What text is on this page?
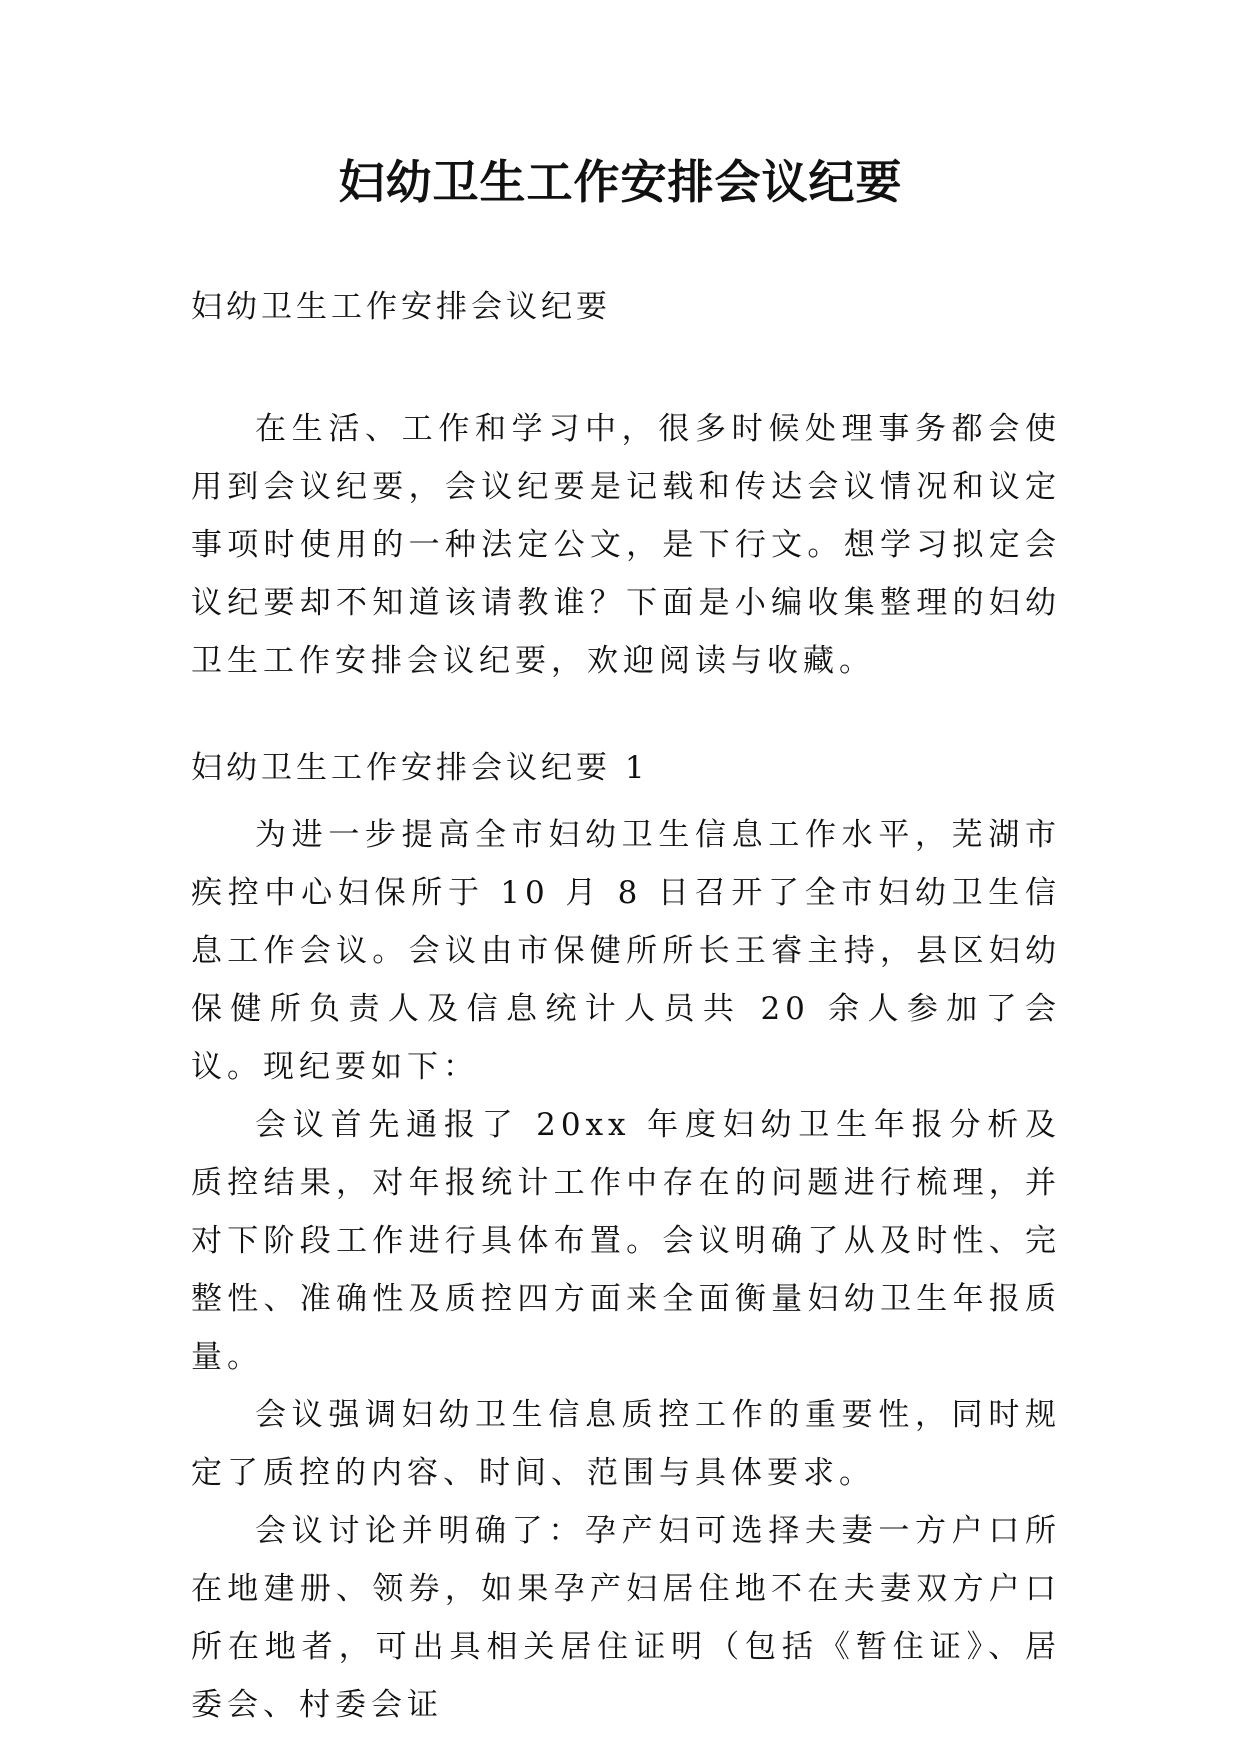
妇幼卫生工作安排会议纪要

妇幼卫生工作安排会议纪要

在生活、工作和学习中，很多时候处理事务都会使用到会议纪要，会议纪要是记载和传达会议情况和议定事项时使用的一种法定公文，是下行文。想学习拟定会议纪要却不知道该请教谁？下面是小编收集整理的妇幼卫生工作安排会议纪要，欢迎阅读与收藏。

妇幼卫生工作安排会议纪要 1

为进一步提高全市妇幼卫生信息工作水平，芜湖市疾控中心妇保所于 10 月 8 日召开了全市妇幼卫生信息工作会议。会议由市保健所所长王睿主持，县区妇幼保健所负责人及信息统计人员共 20 余人参加了会议。现纪要如下：

会议首先通报了 20xx 年度妇幼卫生年报分析及质控结果，对年报统计工作中存在的问题进行梳理，并对下阶段工作进行具体布置。会议明确了从及时性、完整性、准确性及质控四方面来全面衡量妇幼卫生年报质量。

会议强调妇幼卫生信息质控工作的重要性，同时规定了质控的内容、时间、范围与具体要求。

会议讨论并明确了：孕产妇可选择夫妻一方户口所在地建册、领券，如果孕产妇居住地不在夫妻双方户口所在地者，可出具相关居住证明（包括《暂住证》、居委会、村委会证
